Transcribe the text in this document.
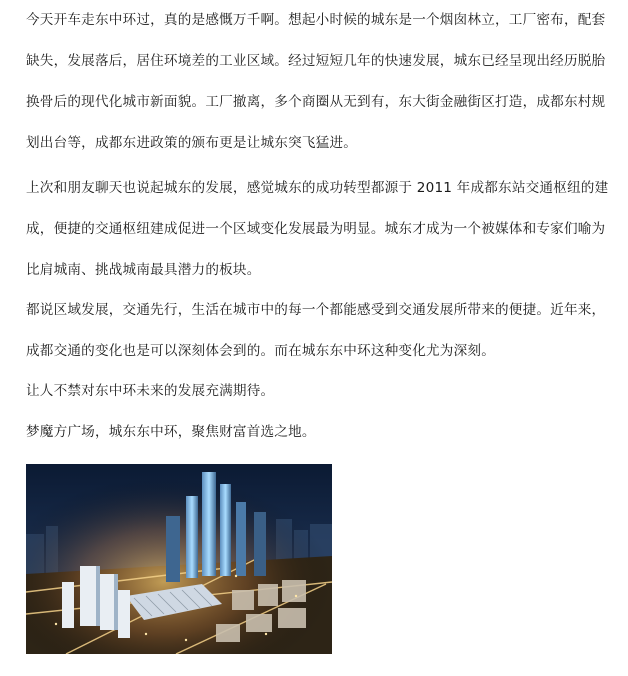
今天开车走东中环过，真的是感慨万千啊。想起小时候的城东是一个烟囱林立，工厂密布，配套缺失，发展落后，居住环境差的工业区域。经过短短几年的快速发展，城东已经呈现出经历脱胎换骨后的现代化城市新面貌。工厂撤离，多个商圈从无到有，东大街金融街区打造，成都东村规划出台等，成都东进政策的颁布更是让城东突飞猛进。

上次和朋友聊天也说起城东的发展，感觉城东的成功转型都源于 2011 年成都东站交通枢纽的建成，便捷的交通枢纽建成促进一个区域变化发展最为明显。城东才成为一个被媒体和专家们喻为比肩城南、挑战城南最具潜力的板块。

都说区域发展，交通先行，生活在城市中的每一个都能感受到交通发展所带来的便捷。近年来，成都交通的变化也是可以深刻体会到的。而在城东东中环这种变化尤为深刻。

让人不禁对东中环未来的发展充满期待。

梦魔方广场，城东东中环，聚焦财富首选之地。
